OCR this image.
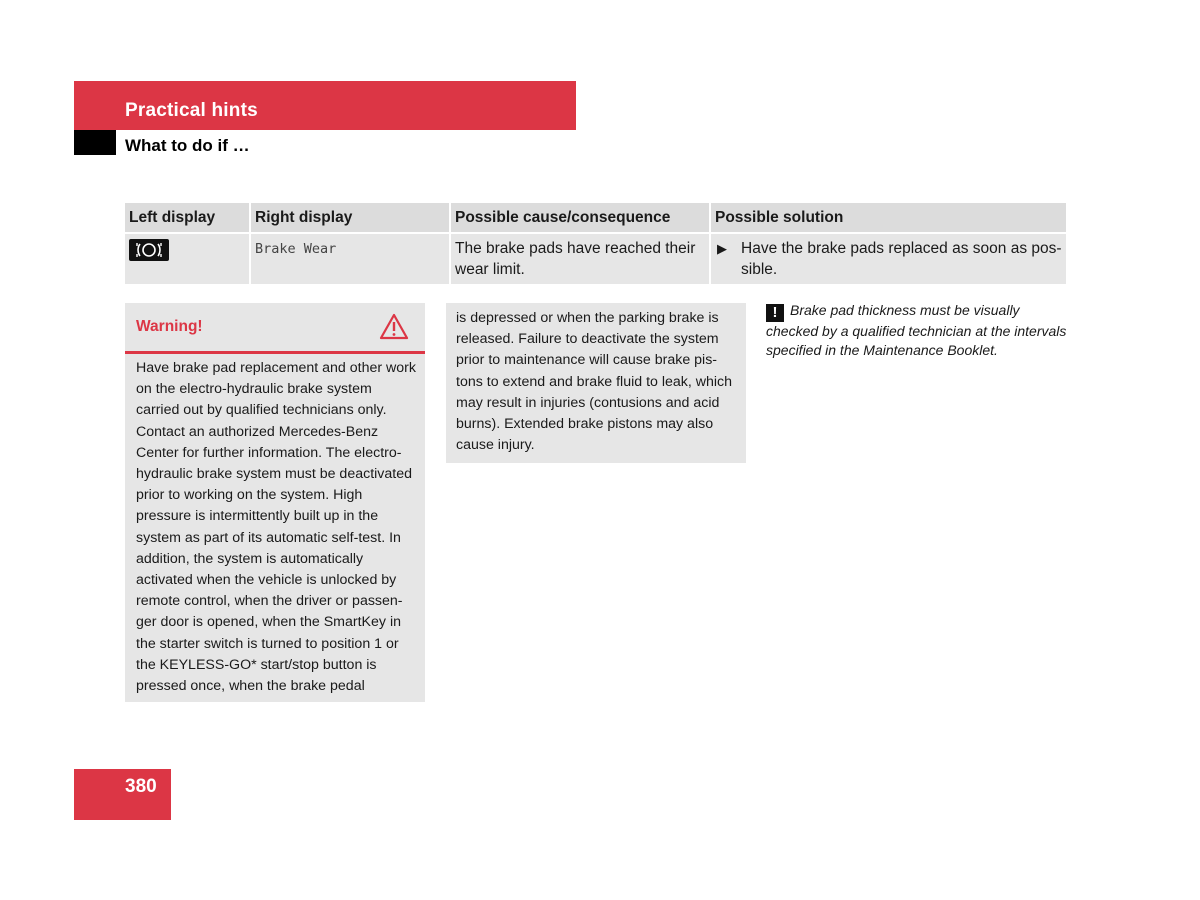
Practical hints
What to do if …
Left display	Right display	Possible cause/consequence	Possible solution

	Brake Wear	The brake pads have reached their wear limit.	▶ Have the brake pads replaced as soon as pos-sible.
Warning!
Have brake pad replacement and other work on the electro-hydraulic brake system carried out by qualified technicians only. Contact an authorized Mercedes-Benz Center for further information. The electro-hydraulic brake system must be deactivated prior to working on the system. High pressure is intermittently built up in the system as part of its automatic self-test. In addition, the system is automatically activated when the vehicle is unlocked by remote control, when the driver or passen-ger door is opened, when the SmartKey in the starter switch is turned to position 1 or the KEYLESS-GO* start/stop button is pressed once, when the brake pedal
is depressed or when the parking brake is released. Failure to deactivate the system prior to maintenance will cause brake pis-tons to extend and brake fluid to leak, which may result in injuries (contusions and acid burns). Extended brake pistons may also cause injury.
! Brake pad thickness must be visually checked by a qualified technician at the intervals specified in the Maintenance Booklet.
380
